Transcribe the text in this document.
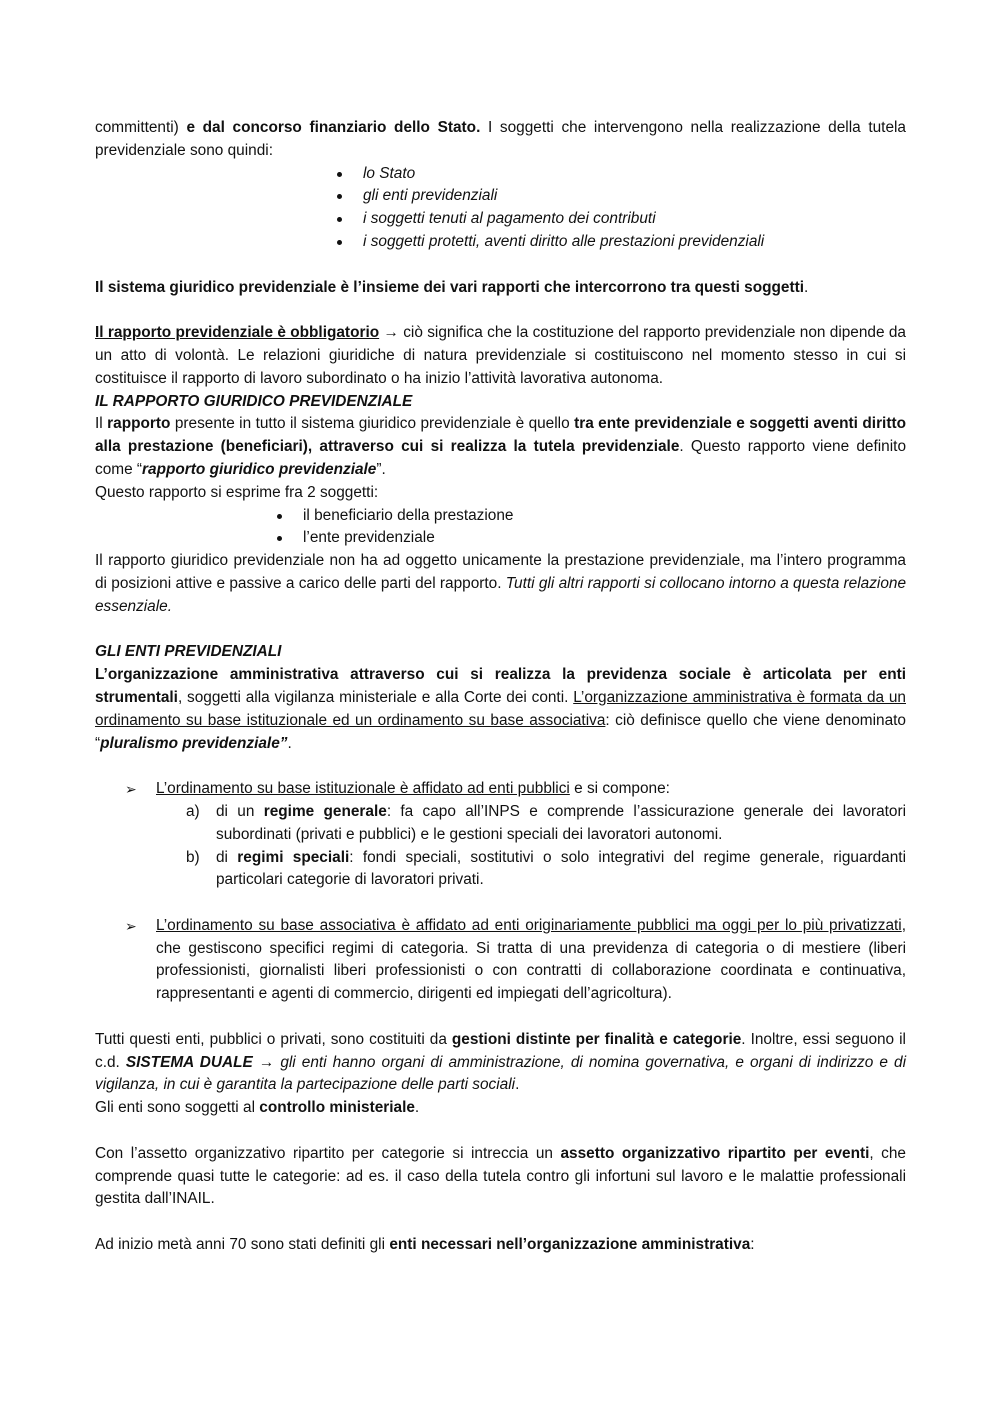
committenti) e dal concorso finanziario dello Stato. I soggetti che intervengono nella realizzazione della tutela previdenziale sono quindi:

lo Stato

gli enti previdenziali

i soggetti tenuti al pagamento dei contributi

i soggetti protetti, aventi diritto alle prestazioni previdenziali

Il sistema giuridico previdenziale è l’insieme dei vari rapporti che intercorrono tra questi soggetti.

Il rapporto previdenziale è obbligatorio → ciò significa che la costituzione del rapporto previdenziale non dipende da un atto di volontà. Le relazioni giuridiche di natura previdenziale si costituiscono nel momento stesso in cui si costituisce il rapporto di lavoro subordinato o ha inizio l’attività lavorativa autonoma.

IL RAPPORTO GIURIDICO PREVIDENZIALE

Il rapporto presente in tutto il sistema giuridico previdenziale è quello tra ente previdenziale e soggetti aventi diritto alla prestazione (beneficiari), attraverso cui si realizza la tutela previdenziale. Questo rapporto viene definito come “rapporto giuridico previdenziale”.

Questo rapporto si esprime fra 2 soggetti:

il beneficiario della prestazione

l’ente previdenziale

Il rapporto giuridico previdenziale non ha ad oggetto unicamente la prestazione previdenziale, ma l’intero programma di posizioni attive e passive a carico delle parti del rapporto. Tutti gli altri rapporti si collocano intorno a questa relazione essenziale.

GLI ENTI PREVIDENZIALI

L’organizzazione amministrativa attraverso cui si realizza la previdenza sociale è articolata per enti strumentali, soggetti alla vigilanza ministeriale e alla Corte dei conti. L’organizzazione amministrativa è formata da un ordinamento su base istituzionale ed un ordinamento su base associativa: ciò definisce quello che viene denominato “pluralismo previdenziale”.

➢ L’ordinamento su base istituzionale è affidato ad enti pubblici e si compone:

a) di un regime generale: fa capo all’INPS e comprende l’assicurazione generale dei lavoratori subordinati (privati e pubblici) e le gestioni speciali dei lavoratori autonomi.

b) di regimi speciali: fondi speciali, sostitutivi o solo integrativi del regime generale, riguardanti particolari categorie di lavoratori privati.

➢ L’ordinamento su base associativa è affidato ad enti originariamente pubblici ma oggi per lo più privatizzati, che gestiscono specifici regimi di categoria. Si tratta di una previdenza di categoria o di mestiere (liberi professionisti, giornalisti liberi professionisti o con contratti di collaborazione coordinata e continuativa, rappresentanti e agenti di commercio, dirigenti ed impiegati dell’agricoltura).

Tutti questi enti, pubblici o privati, sono costituiti da gestioni distinte per finalità e categorie. Inoltre, essi seguono il c.d. SISTEMA DUALE → gli enti hanno organi di amministrazione, di nomina governativa, e organi di indirizzo e di vigilanza, in cui è garantita la partecipazione delle parti sociali.

Gli enti sono soggetti al controllo ministeriale.

Con l’assetto organizzativo ripartito per categorie si intreccia un assetto organizzativo ripartito per eventi, che comprende quasi tutte le categorie: ad es. il caso della tutela contro gli infortuni sul lavoro e le malattie professionali gestita dall’INAIL.

Ad inizio metà anni 70 sono stati definiti gli enti necessari nell’organizzazione amministrativa:
